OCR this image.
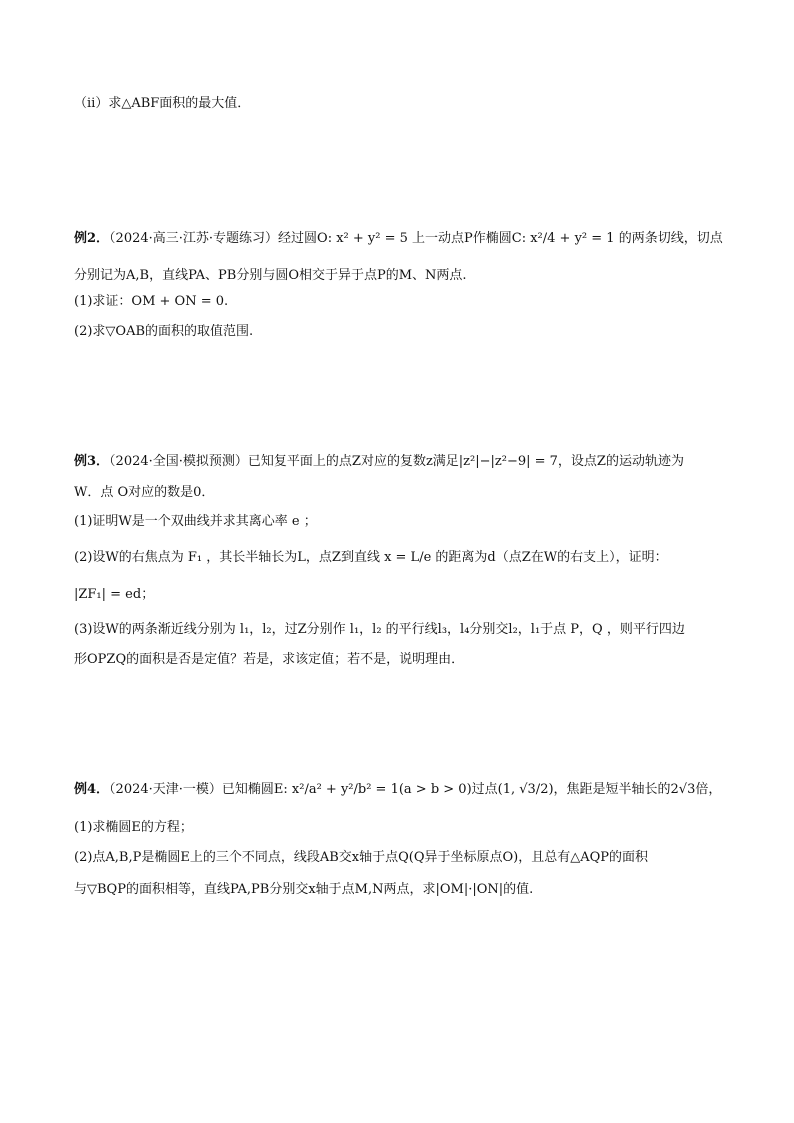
（ⅱ）求△ABF面积的最大值．
例2．（2024·高三·江苏·专题练习）经过圆O: x² + y² = 5 上一动点P作椭圆C: x²/4 + y² = 1 的两条切线，切点
分别记为A,B，直线PA、PB分别与圆O相交于异于点P的M、N两点.
(1)求证：OM + ON = 0.
(2)求▽OAB的面积的取值范围.
例3．（2024·全国·模拟预测）已知复平面上的点Z对应的复数z满足|z²|−|z²−9| = 7，设点Z的运动轨迹为
W．点 O对应的数是0．
(1)证明W是一个双曲线并求其离心率 e ；
(2)设W的右焦点为 F₁ ，其长半轴长为L，点Z到直线 x = L/e 的距离为d（点Z在W的右支上），证明：
|ZF₁| = ed；
(3)设W的两条渐近线分别为 l₁，l₂，过Z分别作 l₁，l₂ 的平行线l₃，l₄分别交l₂，l₁于点 P，Q ，则平行四边
形OPZQ的面积是否是定值？若是，求该定值；若不是，说明理由．
例4．（2024·天津·一模）已知椭圆E: x²/a² + y²/b² = 1(a > b > 0)过点(1, √3/2)，焦距是短半轴长的2√3倍，
(1)求椭圆E的方程；
(2)点A,B,P是椭圆E上的三个不同点，线段AB交x轴于点Q(Q异于坐标原点O)，且总有△AQP的面积
与▽BQP的面积相等，直线PA,PB分别交x轴于点M,N两点，求|OM|·|ON|的值.
